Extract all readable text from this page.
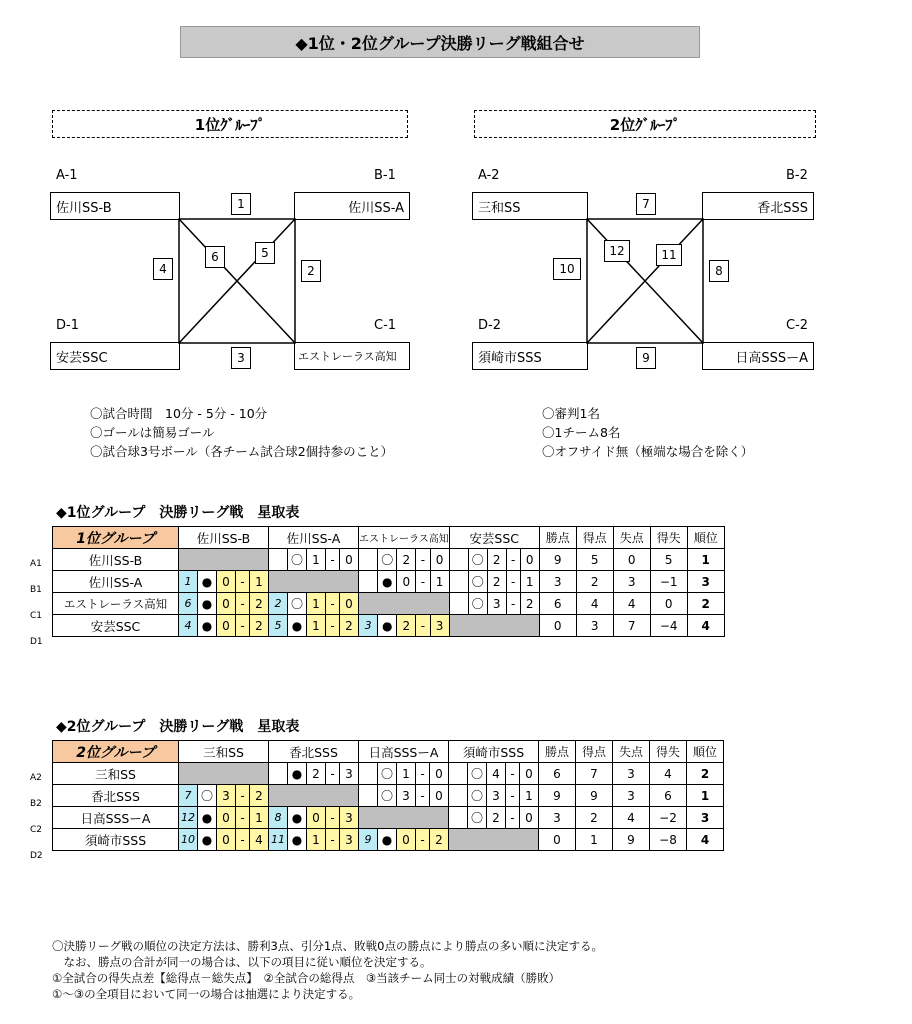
◆1位・2位グループ決勝リーグ戦組合せ
1位ｸﾞﾙｰﾌﾟ
A-1	B-1
D-1	C-1
佐川SS-B	佐川SS-A
安芸SSC	エストレーラス高知
1
2
3
4
5
6
2位ｸﾞﾙｰﾌﾟ
A-2	B-2
D-2	C-2
三和SS	香北SSS
須崎市SSS	日高SSSーA
7
8
9
10
11
12
〇試合時間　10分 - 5分 - 10分
〇ゴールは簡易ゴール
〇試合球3号ボール（各チーム試合球2個持参のこと）
〇審判1名
〇1チーム8名
〇オフサイド無（極端な場合を除く）
◆1位グループ　決勝リーグ戦　星取表
A1
B1
C1
D1
1位グループ	佐川SS-B					佐川SS-A					エストレーラス高知					安芸SSC					勝点	得点	失点	得失	順位
佐川SS-B							〇	1	-	0		〇	2	-	0		〇	2	-	0	9	5	0	5	1
佐川SS-A	1	●	0	-	1							●	0	-	1		〇	2	-	1	3	2	3	−1	3
エストレーラス高知	6	●	0	-	2	2	〇	1	-	0							〇	3	-	2	6	4	4	0	2
安芸SSC	4	●	0	-	2	5	●	1	-	2	3	●	2	-	3						0	3	7	−4	4
◆2位グループ　決勝リーグ戦　星取表
A2
B2
C2
D2
2位グループ	三和SS					香北SSS					日高SSSーA					須崎市SSS					勝点	得点	失点	得失	順位
三和SS							●	2	-	3		〇	1	-	0		〇	4	-	0	6	7	3	4	2
香北SSS	7	〇	3	-	2							〇	3	-	0		〇	3	-	1	9	9	3	6	1
日高SSSーA	12	●	0	-	1	8	●	0	-	3							〇	2	-	0	3	2	4	−2	3
須崎市SSS	10	●	0	-	4	11	●	1	-	3	9	●	0	-	2						0	1	9	−8	4
〇決勝リーグ戦の順位の決定方法は、勝利3点、引分1点、敗戦0点の勝点により勝点の多い順に決定する。
　なお、勝点の合計が同一の場合は、以下の項目に従い順位を決定する。
①全試合の得失点差【総得点－総失点】　②全試合の総得点　③当該チーム同士の対戦成績（勝敗）
①～③の全項目において同一の場合は抽選により決定する。
